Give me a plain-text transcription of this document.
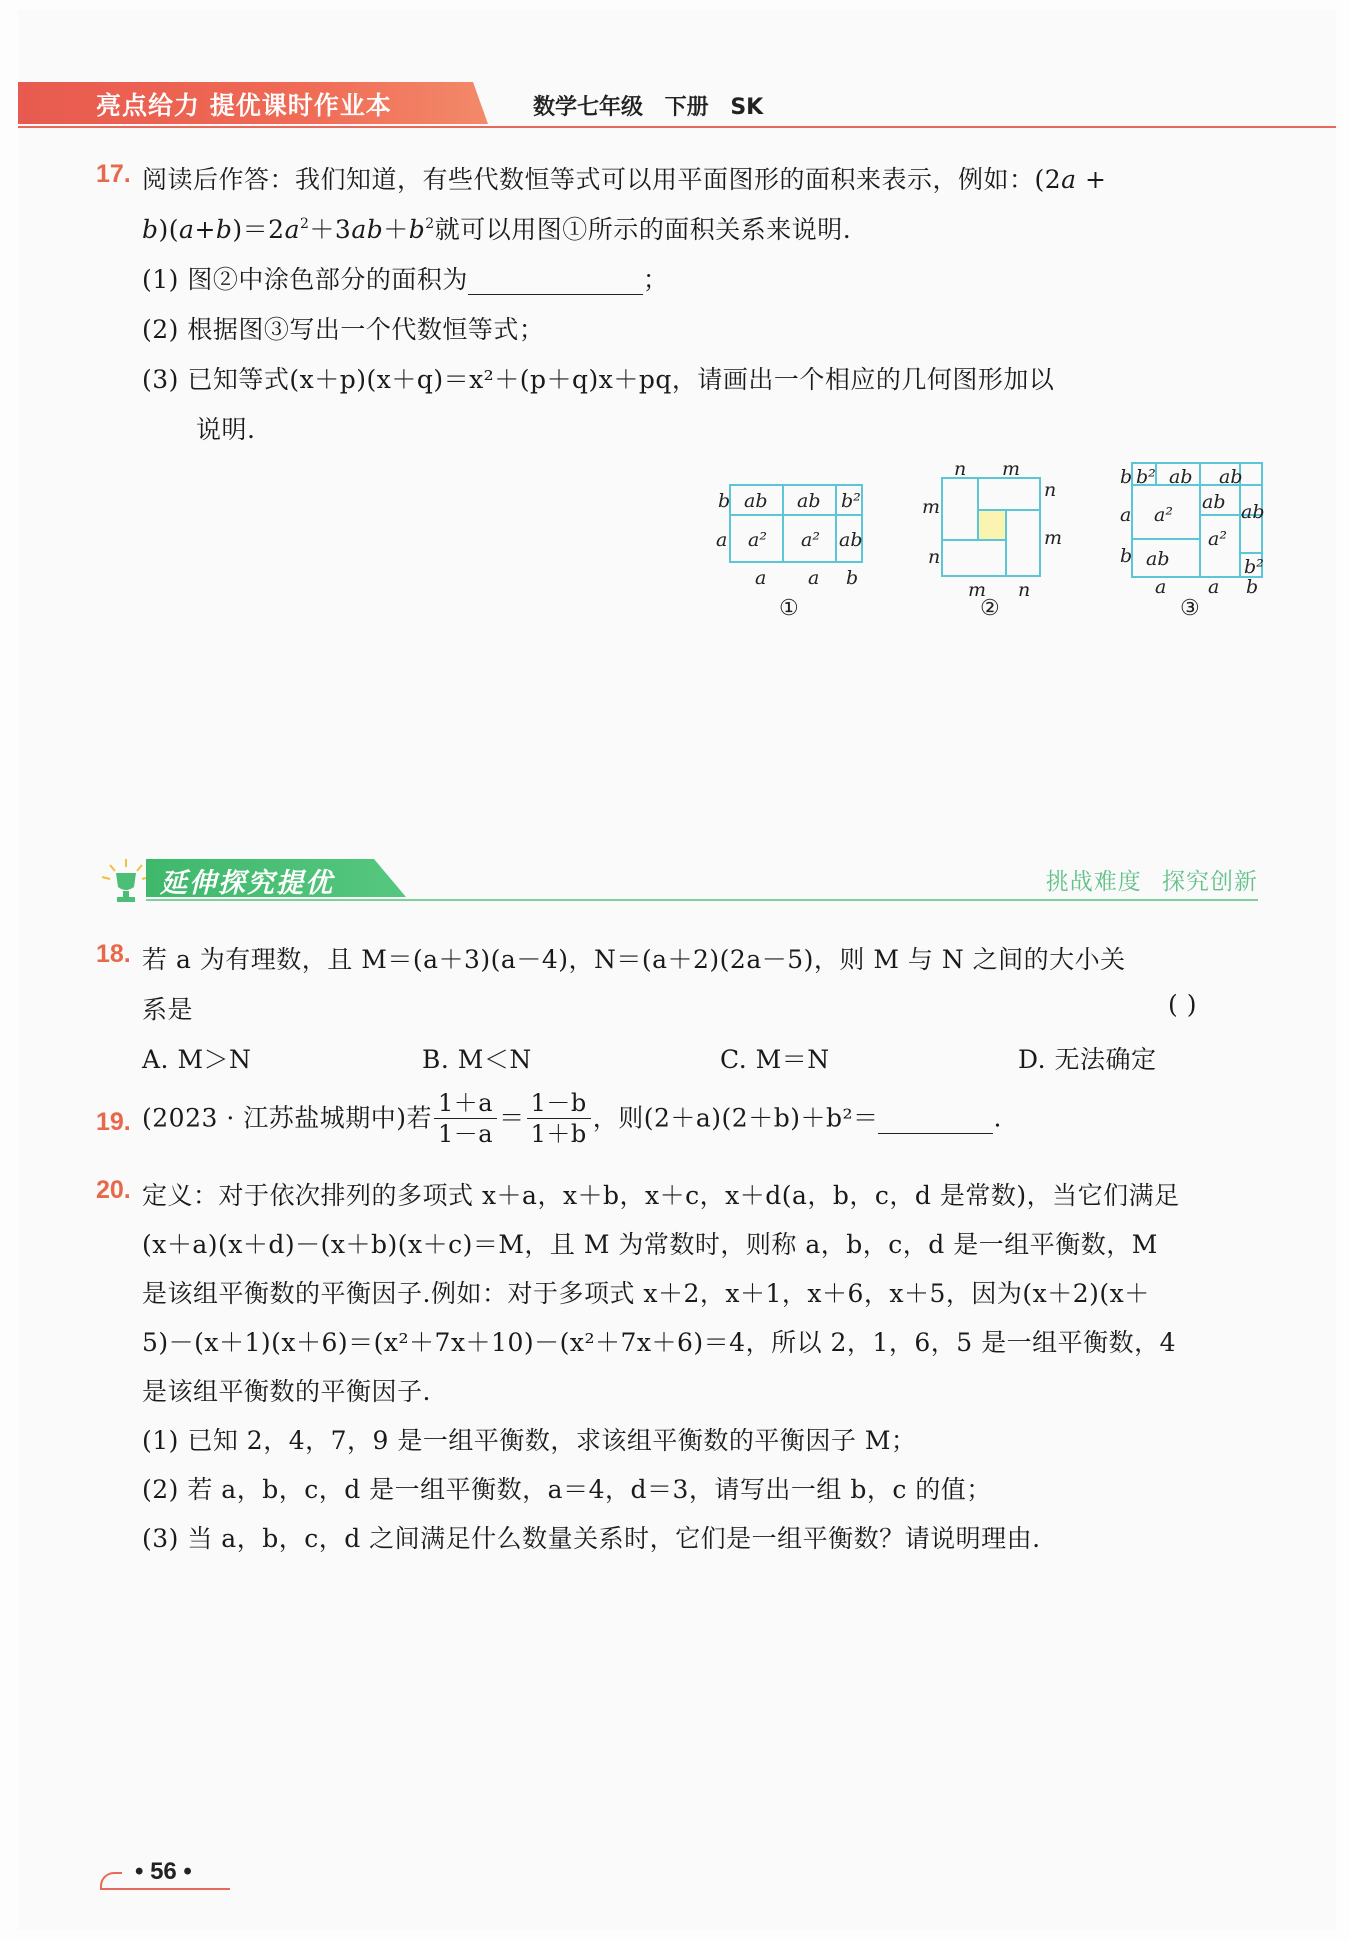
亮点给力 提优课时作业本	数学七年级 下册 SK
17. 阅读后作答：我们知道，有些代数恒等式可以用平面图形的面积来表示，例如：(2a +
$b)(a+b)=2a^2+3ab+b^2$就可以用图①所示的面积关系来说明.
(1) 图②中涂色部分的面积为	；
(2) 根据图③写出一个代数恒等式；
(3) 已知等式(x＋p)(x＋q)＝x²＋(p＋q)x＋pq，请画出一个相应的几何图形加以
说明.
b
a
ab ab b²
a² a² ab
a a b
①
n m
n
m
m
n
m n
②
b b² ab ab
a a²
ab ab
a²
b ab	b²
a a b
③
延伸探究提优	挑战难度 探究创新
18. 若 a 为有理数，且 M＝(a＋3)(a－4)，N＝(a＋2)(2a－5)，则 M 与 N 之间的大小关
系是	( )
A. M＞N	B. M＜N	C. M＝N	D. 无法确定
19. (2023 · 江苏盐城期中)若 $\frac{1+a}{1-a} = \frac{1-b}{1+b}$ ，则(2＋a)(2＋b)＋b²＝	.
20. 定义：对于依次排列的多项式 x＋a，x＋b，x＋c，x＋d(a，b，c，d 是常数)，当它们满足
(x＋a)(x＋d)－(x＋b)(x＋c)＝M，且 M 为常数时，则称 a，b，c，d 是一组平衡数，M
是该组平衡数的平衡因子.例如：对于多项式 x＋2，x＋1，x＋6，x＋5，因为(x＋2)(x＋
5)－(x＋1)(x＋6)＝(x²＋7x＋10)－(x²＋7x＋6)＝4，所以 2，1，6，5 是一组平衡数，4
是该组平衡数的平衡因子.
(1) 已知 2，4，7，9 是一组平衡数，求该组平衡数的平衡因子 M；
(2) 若 a，b，c，d 是一组平衡数，a＝4，d＝3，请写出一组 b，c 的值；
(3) 当 a，b，c，d 之间满足什么数量关系时，它们是一组平衡数？请说明理由.
• 56 •
